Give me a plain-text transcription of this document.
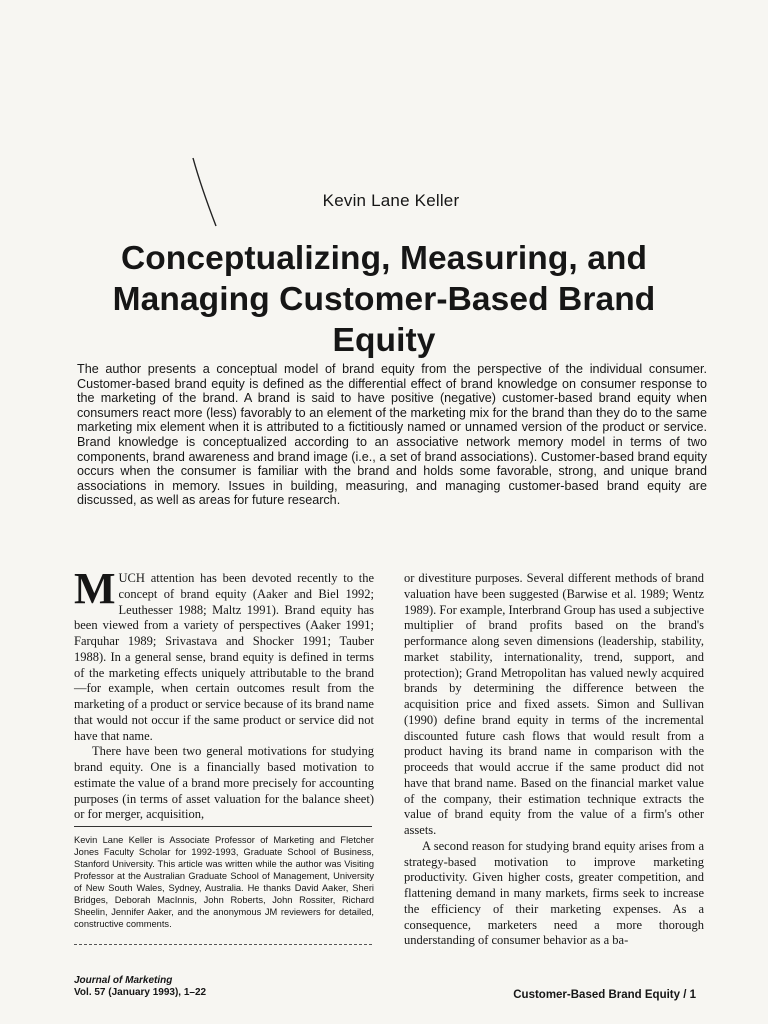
Kevin Lane Keller
Conceptualizing, Measuring, and
Managing Customer-Based Brand
Equity

The author presents a conceptual model of brand equity from the perspective of the individual consumer. Customer-based brand equity is defined as the differential effect of brand knowledge on consumer response to the marketing of the brand. A brand is said to have positive (negative) customer-based brand equity when consumers react more (less) favorably to an element of the marketing mix for the brand than they do to the same marketing mix element when it is attributed to a fictitiously named or unnamed version of the product or service. Brand knowledge is conceptualized according to an associative network memory model in terms of two components, brand awareness and brand image (i.e., a set of brand associations). Customer-based brand equity occurs when the consumer is familiar with the brand and holds some favorable, strong, and unique brand associations in memory. Issues in building, measuring, and managing customer-based brand equity are discussed, as well as areas for future research.

MUCH attention has been devoted recently to the concept of brand equity (Aaker and Biel 1992; Leuthesser 1988; Maltz 1991). Brand equity has been viewed from a variety of perspectives (Aaker 1991; Farquhar 1989; Srivastava and Shocker 1991; Tauber 1988). In a general sense, brand equity is defined in terms of the marketing effects uniquely attributable to the brand—for example, when certain outcomes result from the marketing of a product or service because of its brand name that would not occur if the same product or service did not have that name.

There have been two general motivations for studying brand equity. One is a financially based motivation to estimate the value of a brand more precisely for accounting purposes (in terms of asset valuation for the balance sheet) or for merger, acquisition,

or divestiture purposes. Several different methods of brand valuation have been suggested (Barwise et al. 1989; Wentz 1989). For example, Interbrand Group has used a subjective multiplier of brand profits based on the brand's performance along seven dimensions (leadership, stability, market stability, internationality, trend, support, and protection); Grand Metropolitan has valued newly acquired brands by determining the difference between the acquisition price and fixed assets. Simon and Sullivan (1990) define brand equity in terms of the incremental discounted future cash flows that would result from a product having its brand name in comparison with the proceeds that would accrue if the same product did not have that brand name. Based on the financial market value of the company, their estimation technique extracts the value of brand equity from the value of a firm's other assets.

A second reason for studying brand equity arises from a strategy-based motivation to improve marketing productivity. Given higher costs, greater competition, and flattening demand in many markets, firms seek to increase the efficiency of their marketing expenses. As a consequence, marketers need a more thorough understanding of consumer behavior as a ba-

Kevin Lane Keller is Associate Professor of Marketing and Fletcher Jones Faculty Scholar for 1992-1993, Graduate School of Business, Stanford University. This article was written while the author was Visiting Professor at the Australian Graduate School of Management, University of New South Wales, Sydney, Australia. He thanks David Aaker, Sheri Bridges, Deborah MacInnis, John Roberts, John Rossiter, Richard Sheelin, Jennifer Aaker, and the anonymous JM reviewers for detailed, constructive comments.

Journal of Marketing
Vol. 57 (January 1993), 1–22	Customer-Based Brand Equity / 1
